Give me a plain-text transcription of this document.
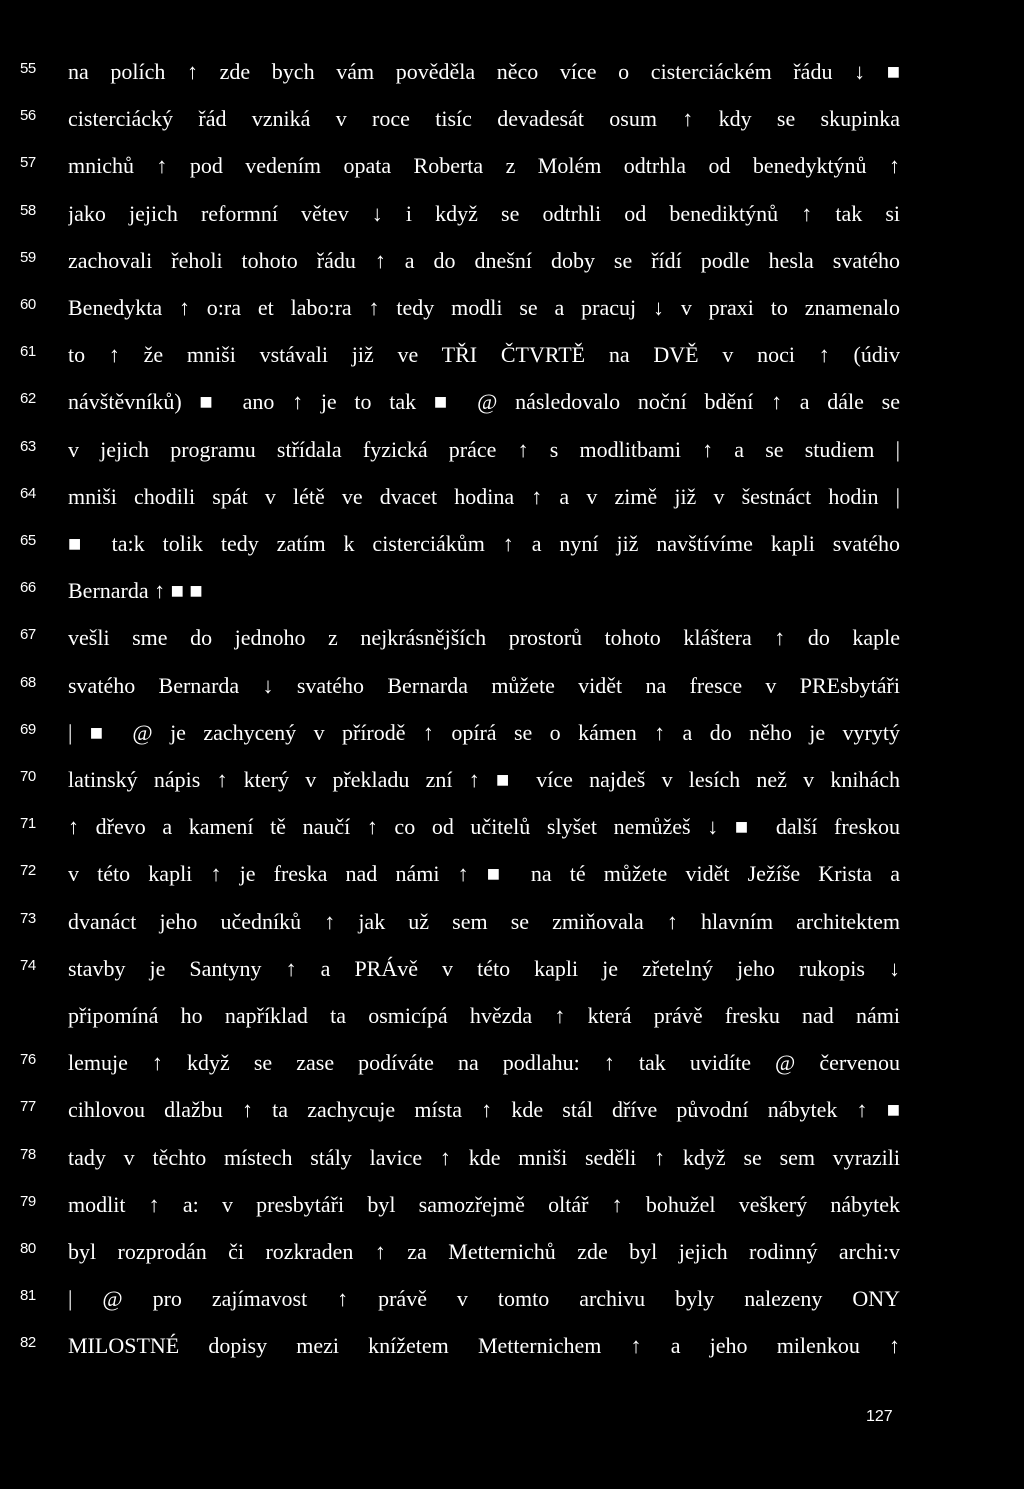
55 na polích ↑ zde bych vám pověděla něco více o cisterciáckém řádu ↓ ■
56 cisterciácký řád vzniká v roce tisíc devadesát osum ↑ kdy se skupinka
57 mnichů ↑ pod vedením opata Roberta z Molém odtrhla od benedyktýnů ↑
58 jako jejich reformní větev ↓ i když se odtrhli od benediktýnů ↑ tak si
59 zachovali řeholi tohoto řádu ↑ a do dnešní doby se řídí podle hesla svatého
60 Benedykta ↑ o:ra et labo:ra ↑ tedy modli se a pracuj ↓ v praxi to znamenalo
61 to ↑ že mniši vstávali již ve TŘI ČTVRTĚ na DVĚ v noci ↑ (údiv
62 návštěvníků) ■ ano ↑ je to tak ■ @ následovalo noční bdění ↑ a dále se
63 v jejich programu střídala fyzická práce ↑ s modlitbami ↑ a se studiem |
64 mniši chodili spát v létě ve dvacet hodina ↑ a v zimě již v šestnáct hodin |
65 ■ ta:k tolik tedy zatím k cisterciákům ↑ a nyní již navštívíme kapli svatého
66 Bernarda ↑ ■ ■
67 vešli sme do jednoho z nejkrásnějších prostorů tohoto kláštera ↑ do kaple
68 svatého Bernarda ↓ svatého Bernarda můžete vidět na fresce v PREsbytáři
69 | ■ @ je zachycený v přírodě ↑ opírá se o kámen ↑ a do něho je vyrytý
70 latinský nápis ↑ který v překladu zní ↑ ■ více najdeš v lesích než v knihách
71 ↑ dřevo a kamení tě naučí ↑ co od učitelů slyšet nemůžeš ↓ ■ další freskou
72 v této kapli ↑ je freska nad námi ↑ ■ na té můžete vidět Ježíše Krista a
73 dvanáct jeho učedníků ↑ jak už sem se zmiňovala ↑ hlavním architektem
74 stavby je Santyny ↑ a PRÁvě v této kapli je zřetelný jeho rukopis ↓
připomíná ho například ta osmicípá hvězda ↑ která právě fresku nad námi
76 lemuje ↑ když se zase podíváte na podlahu: ↑ tak uvidíte @ červenou
77 cihlovou dlažbu ↑ ta zachycuje místa ↑ kde stál dříve původní nábytek ↑ ■
78 tady v těchto místech stály lavice ↑ kde mniši seděli ↑ když se sem vyrazili
79 modlit ↑ a: v presbytáři byl samozřejmě oltář ↑ bohužel veškerý nábytek
80 byl rozprodán či rozkraden ↑ za Metternichů zde byl jejich rodinný archi:v
81 | @ pro zajímavost ↑ právě v tomto archivu byly nalezeny ONY
82 MILOSTNÉ dopisy mezi knížetem Metternichem ↑ a jeho milenkou ↑
127
